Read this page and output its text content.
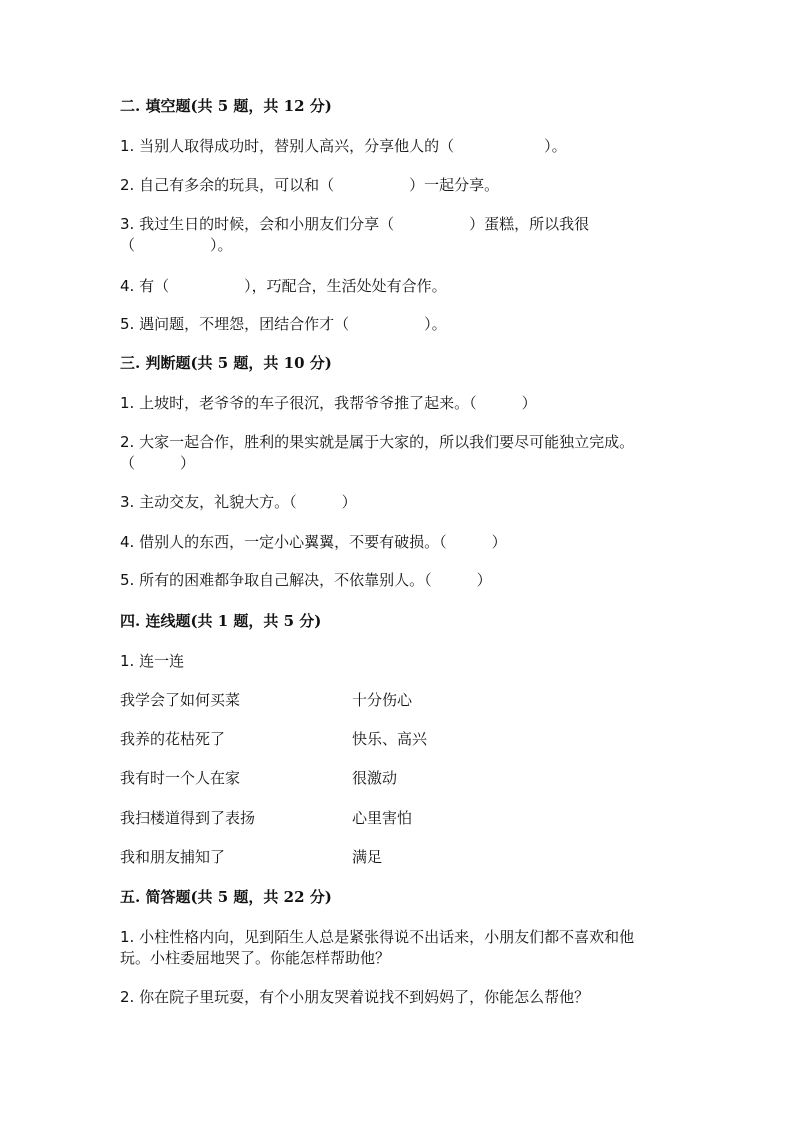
二. 填空题(共 5 题，共 12 分)
1. 当别人取得成功时，替别人高兴，分享他人的（　　　　　　）。
2. 自己有多余的玩具，可以和（　　　　　）一起分享。
3. 我过生日的时候，会和小朋友们分享（　　　　　）蛋糕，所以我很
（　　　　　）。
4. 有（　　　　　），巧配合，生活处处有合作。
5. 遇问题，不埋怨，团结合作才（　　　　　）。
三. 判断题(共 5 题，共 10 分)
1. 上坡时，老爷爷的车子很沉，我帮爷爷推了起来。（　　　）
2. 大家一起合作，胜利的果实就是属于大家的，所以我们要尽可能独立完成。
（　　　）
3. 主动交友，礼貌大方。（　　　）
4. 借别人的东西，一定小心翼翼，不要有破损。（　　　）
5. 所有的困难都争取自己解决，不依靠别人。（　　　）
四. 连线题(共 1 题，共 5 分)
1. 连一连
我学会了如何买菜	十分伤心
我养的花枯死了	快乐、高兴
我有时一个人在家	很激动
我扫楼道得到了表扬	心里害怕
我和朋友捕知了	满足
五. 简答题(共 5 题，共 22 分)
1. 小柱性格内向，见到陌生人总是紧张得说不出话来，小朋友们都不喜欢和他
玩。小柱委屈地哭了。你能怎样帮助他？
2. 你在院子里玩耍，有个小朋友哭着说找不到妈妈了，你能怎么帮他？
